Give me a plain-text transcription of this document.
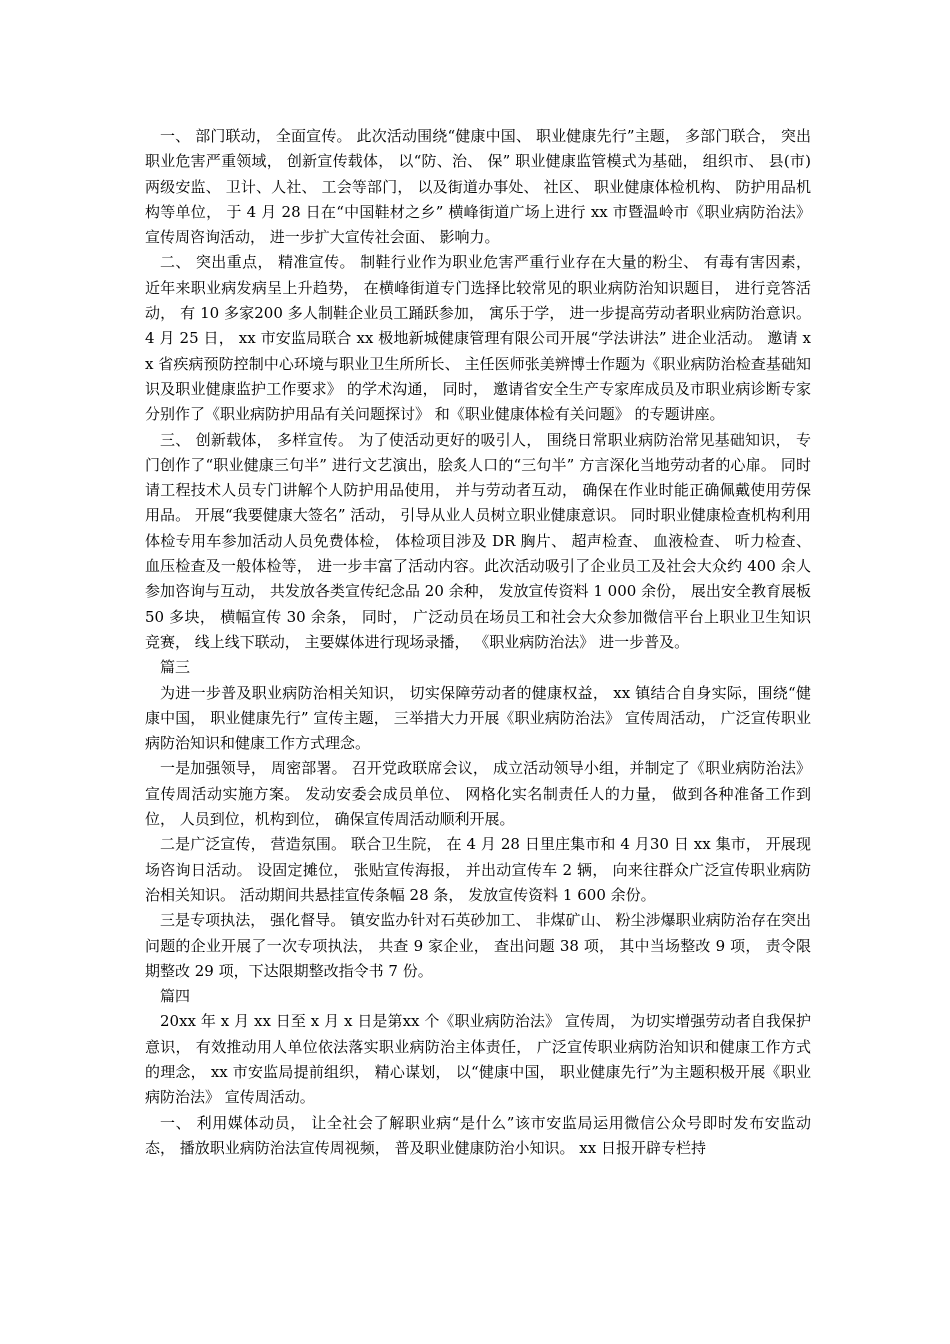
一、 部门联动， 全面宣传。 此次活动围绕“健康中国、 职业健康先行”主题， 多部门联合， 突出职业危害严重领域， 创新宣传载体， 以“防、治、 保” 职业健康监管模式为基础， 组织市、 县(市) 两级安监、 卫计、人社、 工会等部门， 以及街道办事处、 社区、 职业健康体检机构、 防护用品机构等单位， 于 4 月 28 日在“中国鞋材之乡” 横峰街道广场上进行 xx 市暨温岭市《职业病防治法》 宣传周咨询活动， 进一步扩大宣传社会面、 影响力。

二、 突出重点， 精准宣传。 制鞋行业作为职业危害严重行业存在大量的粉尘、 有毒有害因素， 近年来职业病发病呈上升趋势， 在横峰街道专门选择比较常见的职业病防治知识题目， 进行竞答活动， 有 10 多家200 多人制鞋企业员工踊跃参加， 寓乐于学， 进一步提高劳动者职业病防治意识。 4 月 25 日， xx 市安监局联合 xx 极地新城健康管理有限公司开展“学法讲法” 进企业活动。 邀请 xx 省疾病预防控制中心环境与职业卫生所所长、 主任医师张美辨博士作题为《职业病防治检查基础知识及职业健康监护工作要求》 的学术沟通， 同时， 邀请省安全生产专家库成员及市职业病诊断专家分别作了《职业病防护用品有关问题探讨》 和《职业健康体检有关问题》 的专题讲座。

三、 创新载体， 多样宣传。 为了使活动更好的吸引人， 围绕日常职业病防治常见基础知识， 专门创作了“职业健康三句半” 进行文艺演出，脍炙人口的“三句半” 方言深化当地劳动者的心扉。 同时请工程技术人员专门讲解个人防护用品使用， 并与劳动者互动， 确保在作业时能正确佩戴使用劳保用品。 开展“我要健康大签名” 活动， 引导从业人员树立职业健康意识。 同时职业健康检查机构利用体检专用车参加活动人员免费体检， 体检项目涉及 DR 胸片、 超声检查、 血液检查、 听力检查、 血压检查及一般体检等， 进一步丰富了活动内容。此次活动吸引了企业员工及社会大众约 400 余人参加咨询与互动， 共发放各类宣传纪念品 20 余种， 发放宣传资料 1 000 余份， 展出安全教育展板 50 多块， 横幅宣传 30 余条， 同时， 广泛动员在场员工和社会大众参加微信平台上职业卫生知识竞赛， 线上线下联动， 主要媒体进行现场录播， 《职业病防治法》 进一步普及。

篇三

为进一步普及职业病防治相关知识， 切实保障劳动者的健康权益， xx 镇结合自身实际，围绕“健康中国， 职业健康先行” 宣传主题， 三举措大力开展《职业病防治法》 宣传周活动， 广泛宣传职业病防治知识和健康工作方式理念。

一是加强领导， 周密部署。 召开党政联席会议， 成立活动领导小组，并制定了《职业病防治法》 宣传周活动实施方案。 发动安委会成员单位、 网格化实名制责任人的力量， 做到各种准备工作到位， 人员到位，机构到位， 确保宣传周活动顺利开展。

二是广泛宣传， 营造氛围。 联合卫生院， 在 4 月 28 日里庄集市和 4 月30 日 xx 集市， 开展现场咨询日活动。 设固定摊位， 张贴宣传海报， 并出动宣传车 2 辆， 向来往群众广泛宣传职业病防治相关知识。 活动期间共悬挂宣传条幅 28 条， 发放宣传资料 1 600 余份。

三是专项执法， 强化督导。 镇安监办针对石英砂加工、 非煤矿山、 粉尘涉爆职业病防治存在突出问题的企业开展了一次专项执法， 共查 9 家企业， 查出问题 38 项， 其中当场整改 9 项， 责令限期整改 29 项，下达限期整改指令书 7 份。

篇四

20xx 年 x 月 xx 日至 x 月 x 日是第xx 个《职业病防治法》 宣传周， 为切实增强劳动者自我保护意识， 有效推动用人单位依法落实职业病防治主体责任， 广泛宣传职业病防治知识和健康工作方式的理念， xx 市安监局提前组织， 精心谋划， 以“健康中国， 职业健康先行”为主题积极开展《职业病防治法》 宣传周活动。

一、 利用媒体动员， 让全社会了解职业病“是什么”该市安监局运用微信公众号即时发布安监动态， 播放职业病防治法宣传周视频， 普及职业健康防治小知识。 xx 日报开辟专栏持
